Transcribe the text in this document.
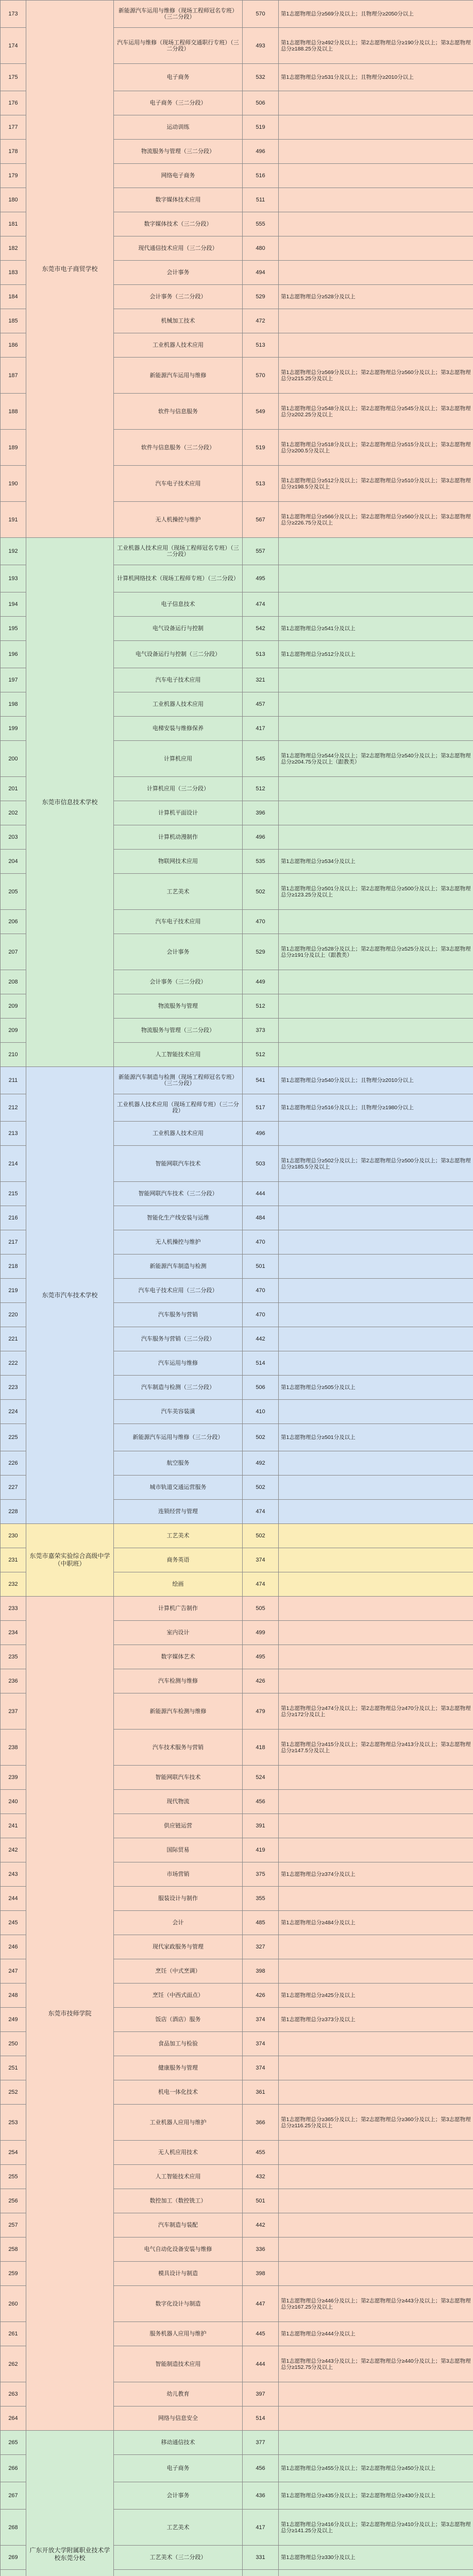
173	东莞市电子商贸学校	新能源汽车运用与维修（现场工程师冠名专班）（三二分段）	570	第1志愿物理总分≥569分及以上；且物理分≥2050分以上
174		汽车运用与维修（现场工程师交通职行专班）（三二分段）	493	第1志愿物理总分≥492分及以上；第2志愿物理总分≥190分及以上；第3志愿物理总分≥188.25分及以上
175		电子商务	532	第1志愿物理总分≥531分及以上；且物理分≥2010分以上
176		电子商务（三二分段）	506	
177		运动训练	519	
178		物流服务与管理（三二分段）	496	
179		网络电子商务	516	
180		数字媒体技术应用	511	
181		数字媒体技术（三二分段）	555	
182		现代通信技术应用（三二分段）	480	
183		会计事务	494	
184		会计事务（三二分段）	529	第1志愿物理总分≥528分及以上
185		机械加工技术	472	
186		工业机器人技术应用	513	
187		新能源汽车运用与维修	570	第1志愿物理总分≥569分及以上；第2志愿物理总分≥560分及以上；第3志愿物理总分≥215.25分及以上
188		软件与信息服务	549	第1志愿物理总分≥548分及以上；第2志愿物理总分≥545分及以上；第3志愿物理总分≥202.25分及以上
189		软件与信息服务（三二分段）	519	第1志愿物理总分≥518分及以上；第2志愿物理总分≥515分及以上；第3志愿物理总分≥200.5分及以上
190		汽车电子技术应用	513	第1志愿物理总分≥512分及以上；第2志愿物理总分≥510分及以上；第3志愿物理总分≥198.5分及以上
191		无人机操控与维护	567	第1志愿物理总分≥566分及以上；第2志愿物理总分≥560分及以上；第3志愿物理总分≥226.75分及以上
192	东莞市信息技术学校	工业机器人技术应用（现场工程师冠名专班）（三二分段）	557	
193		计算机网络技术（现场工程师专班）（三二分段）	495	
194		电子信息技术	474	
195		电气设备运行与控制	542	第1志愿物理总分≥541分及以上
196		电气设备运行与控制（三二分段）	513	第1志愿物理总分≥512分及以上
197		汽车电子技术应用	321	
198		工业机器人技术应用	457	
199		电梯安装与维修保养	417	
200		计算机应用	545	第1志愿物理总分≥544分及以上；第2志愿物理总分≥540分及以上；第3志愿物理总分≥204.75分及以上（跟教类）
201		计算机应用（三二分段）	512	
202		计算机平面设计	396	
203		计算机动漫制作	496	
204		物联网技术应用	535	第1志愿物理总分≥534分及以上
205		工艺美术	502	第1志愿物理总分≥501分及以上；第2志愿物理总分≥500分及以上；第3志愿物理总分≥123.25分及以上
206		汽车电子技术应用	470	
207		会计事务	529	第1志愿物理总分≥528分及以上；第2志愿物理总分≥525分及以上；第3志愿物理总分≥191分及以上（跟教类）
208		会计事务（三二分段）	449	
209		物流服务与管理	512	
209		物流服务与管理（三二分段）	373	
210		人工智能技术应用	512	
211	东莞市汽车技术学校	新能源汽车制造与检测（现场工程师冠名专班）（三二分段）	541	第1志愿物理总分≥540分及以上；且物理分≥2010分以上
212		工业机器人技术应用（现场工程师专班）（三二分段）	517	第1志愿物理总分≥516分及以上；且物理分≥1980分以上
213		工业机器人技术应用	496	
214		智能网联汽车技术	503	第1志愿物理总分≥502分及以上；第2志愿物理总分≥500分及以上；第3志愿物理总分≥185.5分及以上
215		智能网联汽车技术（三二分段）	444	
216		智能化生产线安装与运维	484	
217		无人机操控与维护	470	
218		新能源汽车制造与检测	501	
219		汽车电子技术应用（三二分段）	470	
220		汽车服务与营销	470	
221		汽车服务与营销（三二分段）	442	
222		汽车运用与维修	514	
223		汽车制造与检测（三二分段）	506	第1志愿物理总分≥505分及以上
224		汽车美容装潢	410	
225		新能源汽车运用与维修（三二分段）	502	第1志愿物理总分≥501分及以上
226		航空服务	492	
227		城市轨道交通运营服务	502	
228		连锁经营与管理	474	
230	东莞市嘉荣实验综合高级中学（中职班）	工艺美术	502	
231		商务英语	374	
232		绘画	474	
233	东莞市技师学院	计算机广告制作	505	
234		室内设计	499	
235		数字媒体艺术	495	
236		汽车检测与维修	426	
237		新能源汽车检测与维修	479	第1志愿物理总分≥474分及以上；第2志愿物理总分≥470分及以上；第3志愿物理总分≥172分及以上
238		汽车技术服务与营销	418	第1志愿物理总分≥415分及以上；第2志愿物理总分≥413分及以上；第3志愿物理总分≥147.5分及以上
239		智能网联汽车技术	524	
240		现代物流	456	
241		供应链运营	391	
242		国际贸易	419	
243		市场营销	375	第1志愿物理总分≥374分及以上
244		服装设计与制作	355	
245		会计	485	第1志愿物理总分≥484分及以上
246		现代家政服务与管理	327	
247		烹饪（中式烹调）	398	
248		烹饪（中西式面点）	426	第1志愿物理总分≥425分及以上
249		饭店（酒店）服务	374	第1志愿物理总分≥373分及以上
250		食品加工与检验	374	
251		健康服务与管理	374	
252		机电一体化技术	361	
253		工业机器人应用与维护	366	第1志愿物理总分≥365分及以上；第2志愿物理总分≥360分及以上；第3志愿物理总分≥116.25分及以上
254		无人机应用技术	455	
255		人工智能技术应用	432	
256		数控加工（数控铣工）	501	
257		汽车制造与装配	442	
258		电气自动化设备安装与维修	336	
259		模具设计与制造	398	
260		数字化设计与制造	447	第1志愿物理总分≥446分及以上；第2志愿物理总分≥443分及以上；第3志愿物理总分≥167.25分及以上
261		服务机器人应用与维护	445	第1志愿物理总分≥444分及以上
262		智能制造技术应用	444	第1志愿物理总分≥443分及以上；第2志愿物理总分≥440分及以上；第3志愿物理总分≥152.75分及以上
263		幼儿教育	397	
264		网络与信息安全	514	
265	广东开放大学附属职业技术学校东莞分校	移动通信技术	377	
266		电子商务	456	第1志愿物理总分≥455分及以上；第2志愿物理总分≥450分及以上
267		会计事务	436	第1志愿物理总分≥435分及以上；第2志愿物理总分≥430分及以上
268		工艺美术	417	第1志愿物理总分≥416分及以上；第2志愿物理总分≥410分及以上；第3志愿物理总分≥141.25分及以上
269		工艺美术（三二分段）	331	第1志愿物理总分≥330分及以上
